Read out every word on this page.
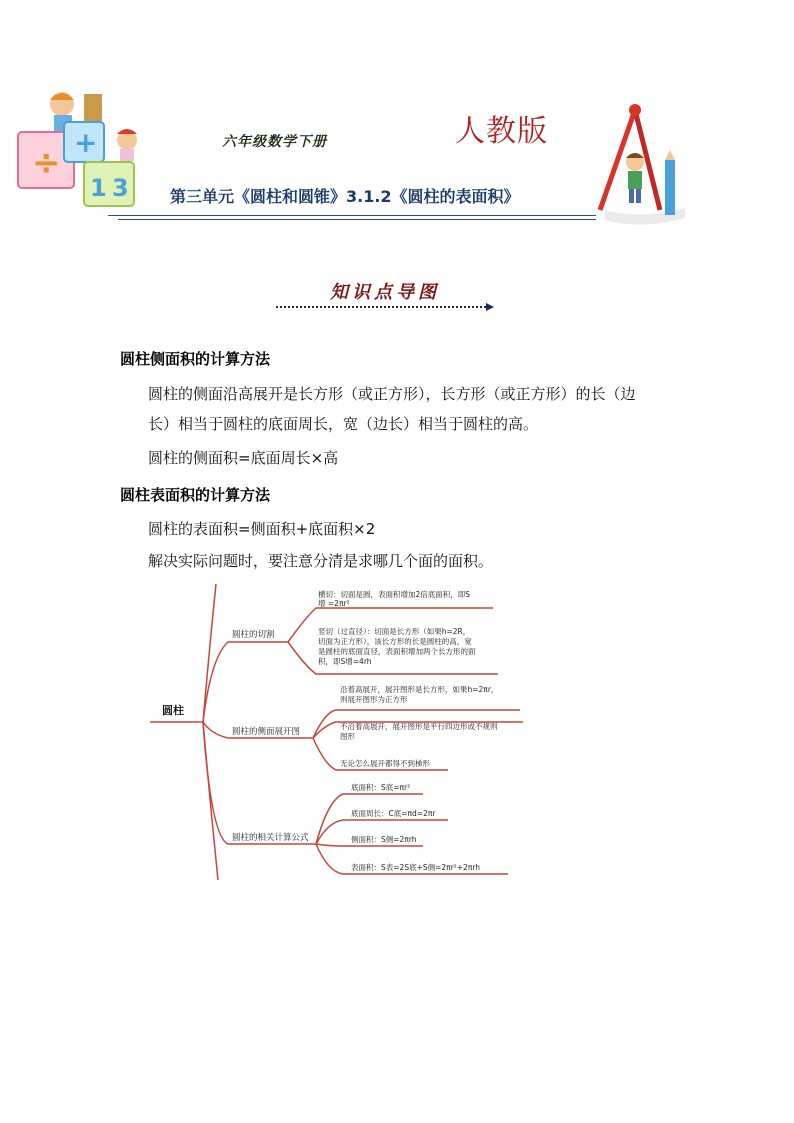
÷
+
1 3
六年级数学下册	人教版
第三单元《圆柱和圆锥》3.1.2《圆柱的表面积》
知识点导图
圆柱侧面积的计算方法
圆柱的侧面沿高展开是长方形（或正方形），长方形（或正方形）的长（边
长）相当于圆柱的底面周长，宽（边长）相当于圆柱的高。
圆柱的侧面积=底面周长×高
圆柱表面积的计算方法
圆柱的表面积=侧面积+底面积×2
解决实际问题时，要注意分清是求哪几个面的面积。
圆柱
圆柱的切割
横切：切面是圆，表面积增加2倍底面积，即S
增 =2πr²
竖切（过直径）：切面是长方形（如果h=2R，
切面为正方形），该长方形的长是圆柱的高，宽
是圆柱的底面直径，表面积增加两个长方形的面
积，即S增=4rh
圆柱的侧面展开图
沿着高展开，展开图形是长方形，如果h=2πr，
则展开图形为正方形
不沿着高展开，展开图形是平行四边形或不规则
图形
无论怎么展开都得不到梯形
圆柱的相关计算公式
底面积：S底=πr²
底面周长：C底=πd=2πr
侧面积：S侧=2πrh
表面积：S表=2S底+S侧=2πr²+2πrh
